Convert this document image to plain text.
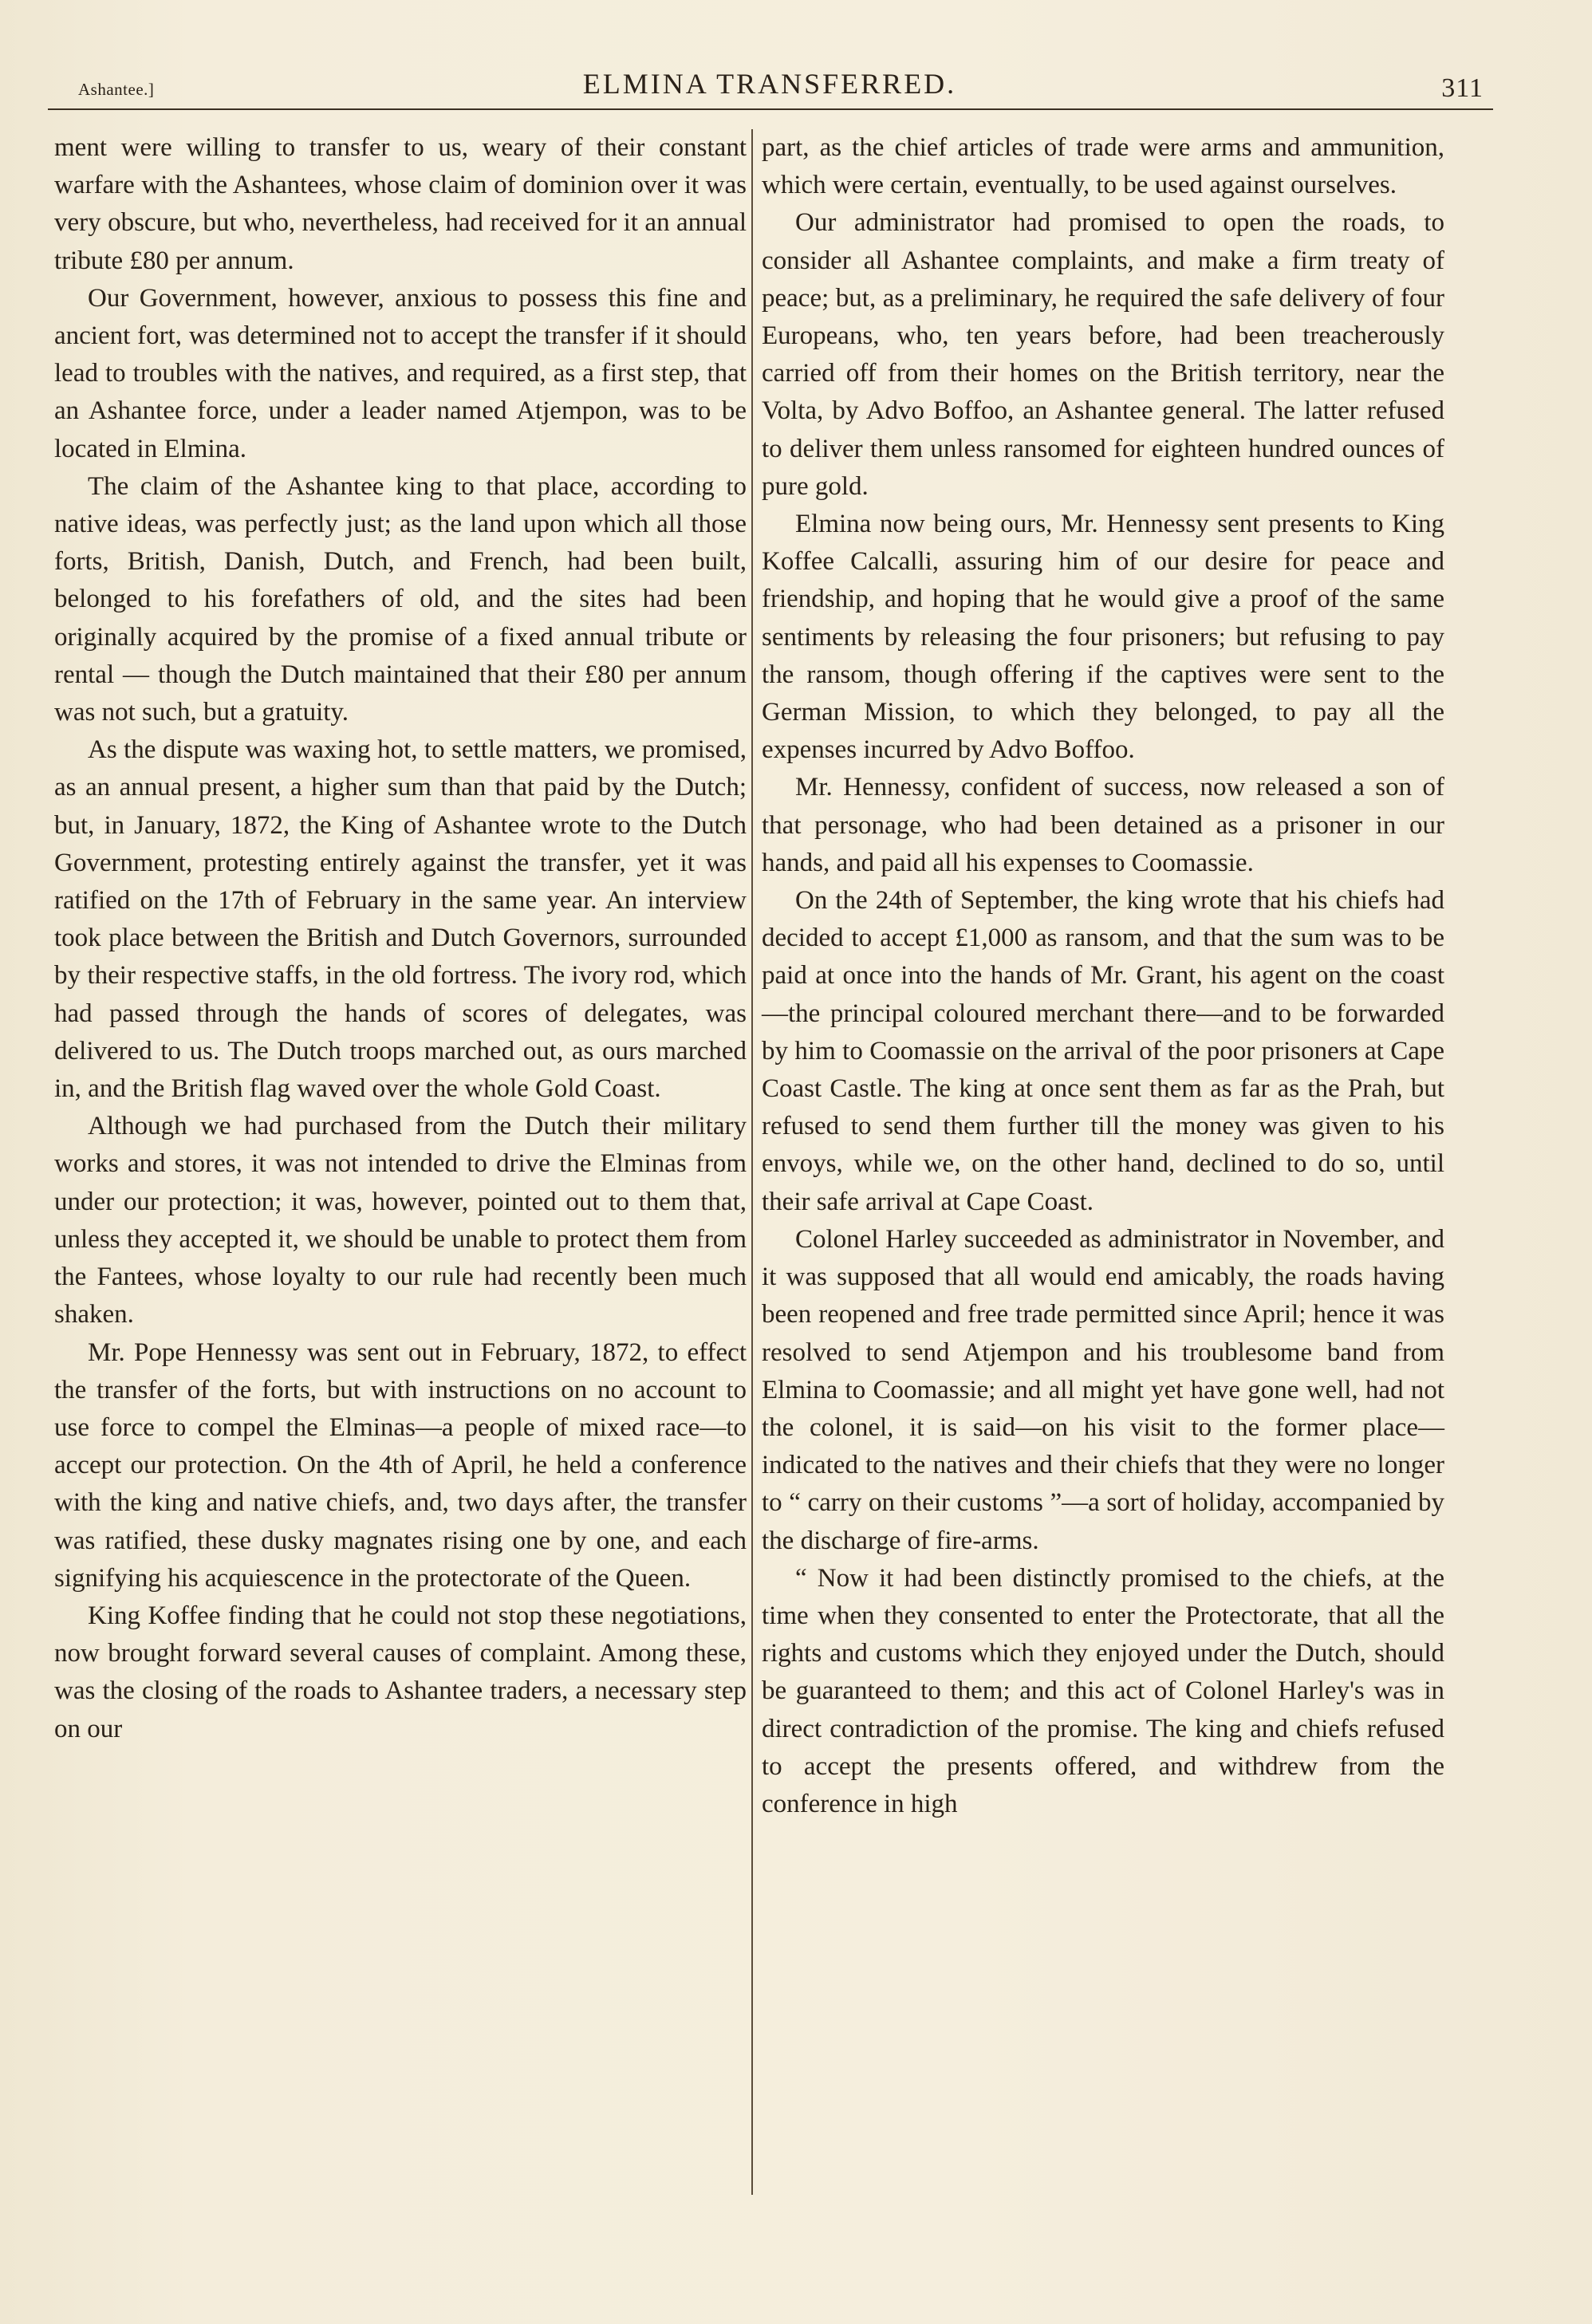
Ashantee.]	ELMINA TRANSFERRED.	311

ment were willing to transfer to us, weary of their constant warfare with the Ashantees, whose claim of dominion over it was very obscure, but who, nevertheless, had received for it an annual tribute £80 per annum.

Our Government, however, anxious to possess this fine and ancient fort, was determined not to accept the transfer if it should lead to troubles with the natives, and required, as a first step, that an Ashantee force, under a leader named Atjempon, was to be located in Elmina.

The claim of the Ashantee king to that place, according to native ideas, was perfectly just; as the land upon which all those forts, British, Danish, Dutch, and French, had been built, belonged to his forefathers of old, and the sites had been originally acquired by the promise of a fixed annual tribute or rental — though the Dutch maintained that their £80 per annum was not such, but a gratuity.

As the dispute was waxing hot, to settle matters, we promised, as an annual present, a higher sum than that paid by the Dutch; but, in January, 1872, the King of Ashantee wrote to the Dutch Government, protesting entirely against the transfer, yet it was ratified on the 17th of February in the same year. An interview took place between the British and Dutch Governors, surrounded by their respective staffs, in the old fortress. The ivory rod, which had passed through the hands of scores of delegates, was delivered to us. The Dutch troops marched out, as ours marched in, and the British flag waved over the whole Gold Coast.

Although we had purchased from the Dutch their military works and stores, it was not intended to drive the Elminas from under our protection; it was, however, pointed out to them that, unless they accepted it, we should be unable to protect them from the Fantees, whose loyalty to our rule had recently been much shaken.

Mr. Pope Hennessy was sent out in February, 1872, to effect the transfer of the forts, but with instructions on no account to use force to compel the Elminas—a people of mixed race—to accept our protection. On the 4th of April, he held a conference with the king and native chiefs, and, two days after, the transfer was ratified, these dusky magnates rising one by one, and each signifying his acquiescence in the protectorate of the Queen.

King Koffee finding that he could not stop these negotiations, now brought forward several causes of complaint. Among these, was the closing of the roads to Ashantee traders, a necessary step on our

part, as the chief articles of trade were arms and ammunition, which were certain, eventually, to be used against ourselves.

Our administrator had promised to open the roads, to consider all Ashantee complaints, and make a firm treaty of peace; but, as a preliminary, he required the safe delivery of four Europeans, who, ten years before, had been treacherously carried off from their homes on the British territory, near the Volta, by Advo Boffoo, an Ashantee general. The latter refused to deliver them unless ransomed for eighteen hundred ounces of pure gold.

Elmina now being ours, Mr. Hennessy sent presents to King Koffee Calcalli, assuring him of our desire for peace and friendship, and hoping that he would give a proof of the same sentiments by releasing the four prisoners; but refusing to pay the ransom, though offering if the captives were sent to the German Mission, to which they belonged, to pay all the expenses incurred by Advo Boffoo.

Mr. Hennessy, confident of success, now released a son of that personage, who had been detained as a prisoner in our hands, and paid all his expenses to Coomassie.

On the 24th of September, the king wrote that his chiefs had decided to accept £1,000 as ransom, and that the sum was to be paid at once into the hands of Mr. Grant, his agent on the coast—the principal coloured merchant there—and to be forwarded by him to Coomassie on the arrival of the poor prisoners at Cape Coast Castle. The king at once sent them as far as the Prah, but refused to send them further till the money was given to his envoys, while we, on the other hand, declined to do so, until their safe arrival at Cape Coast.

Colonel Harley succeeded as administrator in November, and it was supposed that all would end amicably, the roads having been reopened and free trade permitted since April; hence it was resolved to send Atjempon and his troublesome band from Elmina to Coomassie; and all might yet have gone well, had not the colonel, it is said—on his visit to the former place—indicated to the natives and their chiefs that they were no longer to “ carry on their customs ”—a sort of holiday, accompanied by the discharge of fire-arms.

“ Now it had been distinctly promised to the chiefs, at the time when they consented to enter the Protectorate, that all the rights and customs which they enjoyed under the Dutch, should be guaranteed to them; and this act of Colonel Harley's was in direct contradiction of the promise. The king and chiefs refused to accept the presents offered, and withdrew from the conference in high
